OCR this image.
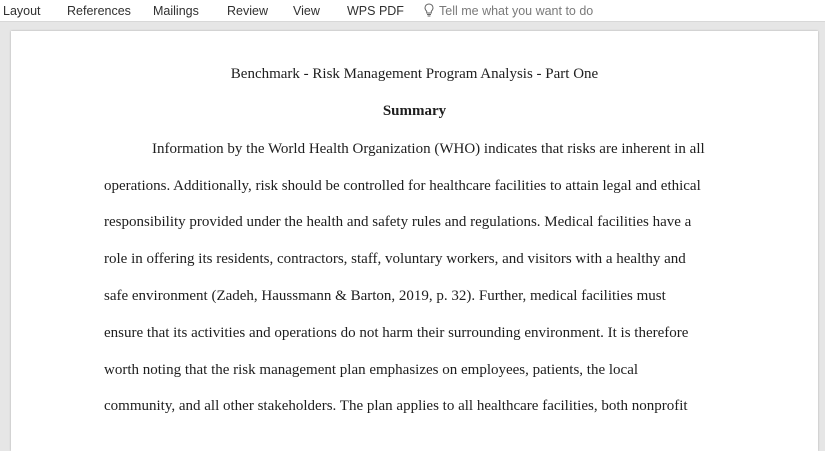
Layout References Mailings Review View WPS PDF	Tell me what you want to do
Benchmark - Risk Management Program Analysis - Part One
Summary
Information by the World Health Organization (WHO) indicates that risks are inherent in all
operations. Additionally, risk should be controlled for healthcare facilities to attain legal and ethical
responsibility provided under the health and safety rules and regulations. Medical facilities have a
role in offering its residents, contractors, staff, voluntary workers, and visitors with a healthy and
safe environment (Zadeh, Haussmann & Barton, 2019, p. 32). Further, medical facilities must
ensure that its activities and operations do not harm their surrounding environment. It is therefore
worth noting that the risk management plan emphasizes on employees, patients, the local
community, and all other stakeholders. The plan applies to all healthcare facilities, both nonprofit
